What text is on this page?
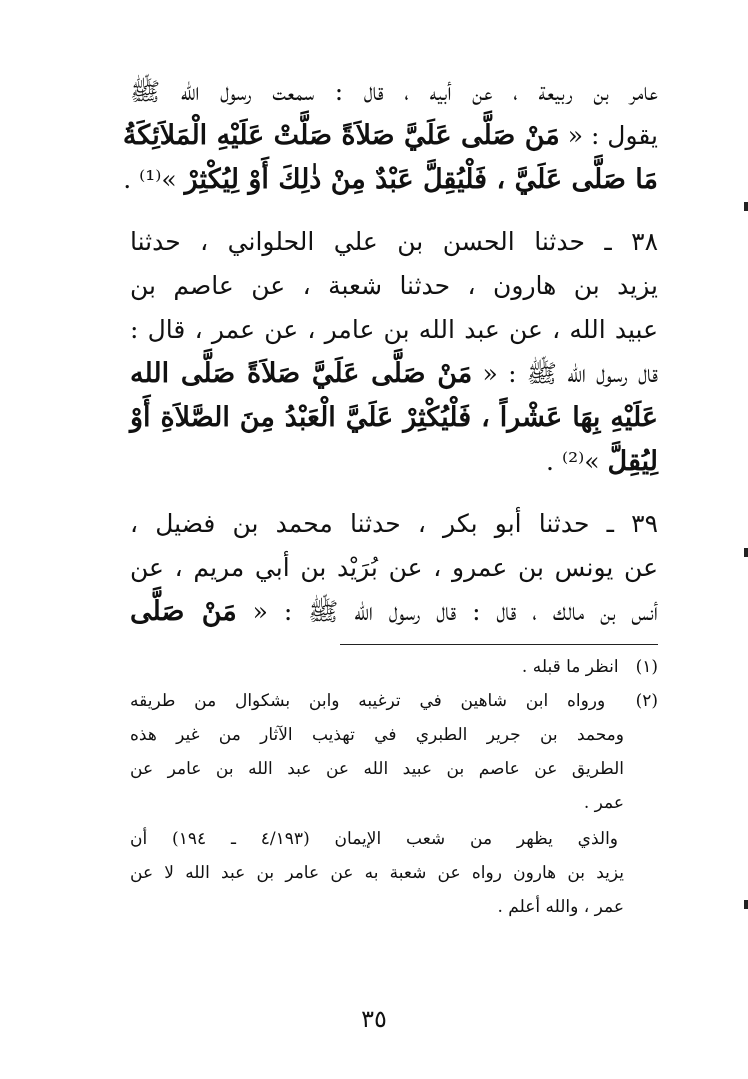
عامر بن ربيعة ، عن أبيه ، قال : سمعت رسول الله ﷺ
يقول : « مَنْ صَلَّى عَلَيَّ صَلاَةً صَلَّتْ عَلَيْهِ الْمَلاَئِكَةُ
مَا صَلَّى عَلَيَّ ، فَلْيُقِلَّ عَبْدٌ مِنْ ذٰلِكَ أَوْ لِيُكْثِرْ »⁽¹⁾ .
٣٨ ـ حدثنا الحسن بن علي الحلواني ، حدثنا
يزيد بن هارون ، حدثنا شعبة ، عن عاصم بن
عبيد الله ، عن عبد الله بن عامر ، عن عمر ، قال :
قال رسول الله ﷺ : « مَنْ صَلَّى عَلَيَّ صَلاَةً صَلَّى الله
عَلَيْهِ بِهَا عَشْراً ، فَلْيُكْثِرْ عَلَيَّ الْعَبْدُ مِنَ الصَّلاَةِ أَوْ
لِيُقِلَّ »⁽²⁾ .
٣٩ ـ حدثنا أبو بكر ، حدثنا محمد بن فضيل ،
عن يونس بن عمرو ، عن بُرَيْد بن أبي مريم ، عن
أنس بن مالك ، قال : قال رسول الله ﷺ : « مَنْ صَلَّى
(١) انظر ما قبله .
(٢) ورواه ابن شاهين في ترغيبه وابن بشكوال من طريقه
ومحمد بن جرير الطبري في تهذيب الآثار من غير هذه
الطريق عن عاصم بن عبيد الله عن عبد الله بن عامر عن
عمر .
والذي يظهر من شعب الإيمان (٤/١٩٣ ـ ١٩٤) أن
يزيد بن هارون رواه عن شعبة به عن عامر بن عبد الله لا عن
عمر ، والله أعلم .
٣٥
